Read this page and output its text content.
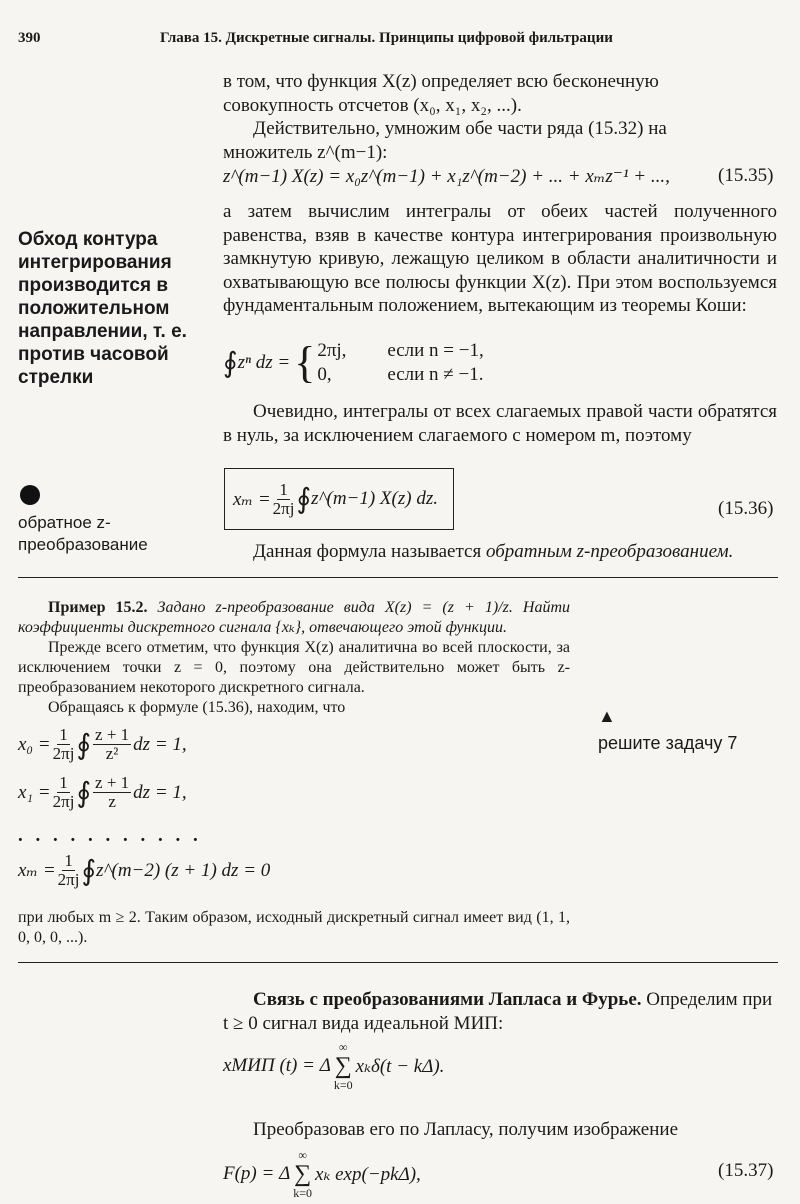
390	Глава 15. Дискретные сигналы. Принципы цифровой фильтрации

в том, что функция X(z) определяет всю бесконечную

совокупность отсчетов (x₀, x₁, x₂, ...).

Действительно, умножим обе части ряда (15.32) на

множитель z^(m−1):

z^(m−1) X(z) = x₀z^(m−1) + x₁z^(m−2) + ... + xₘz⁻¹ + ...,	(15.35)
а затем вычислим интегралы от обеих частей полученного равенства, взяв в качестве контура интегрирования произвольную замкнутую кривую, лежащую целиком в области аналитичности и охватывающую все полюсы функции X(z). При этом воспользуемся фундаментальным положением, вытекающим из теоремы Коши:
Обход контура интегрирования производится в положительном направлении, т. е. против часовой стрелки	∮ zⁿ dz = { 2πj,	если n = −1,
0,	если n ≠ −1.
Очевидно, интегралы от всех слагаемых правой части обратятся в нуль, за исключением слагаемого с номером m, поэтому
$x_m = \frac{1}{2\pi j}$ ∮ z^(m−1) X(z) dz.	(15.36)
обратное z-преобразование	Данная формула называется обратным z-преобразованием.

Пример 15.2. Задано z-преобразование вида X(z) = (z + 1)/z. Найти коэффициенты дискретного сигнала {xₖ}, отвечающего этой функции.

Прежде всего отметим, что функция X(z) аналитична во всей плоскости, за исключением точки z = 0, поэтому она действительно может быть z-преобразованием некоторого дискретного сигнала.

Обращаясь к формуле (15.36), находим, что	▲
решите задачу 7
$x_0 = \frac{1}{2\pi j}$ ∮ $\frac{z + 1}{\text{z²}}$ dz = 1,
$x_1 = \frac{1}{2\pi j}$ ∮ $\frac{z + 1}{z}$ dz = 1,
. . . . . . . . . . .
$x_m = \frac{1}{2\pi j}$ ∮ z^(m−2) (z + 1) dz = 0
при любых m ≥ 2. Таким образом, исходный дискретный сигнал имеет вид (1, 1, 0, 0, 0, ...).

Связь с преобразованиями Лапласа и Фурье. Определим при

t ≥ 0 сигнал вида идеальной МИП:

xМИП (t) = Δ
∞
∑
k=0
xₖδ(t − kΔ).
Преобразовав его по Лапласу, получим изображение
F(p) = Δ
∞
∑
k=0
xₖ exp(−pkΔ),	(15.37)
